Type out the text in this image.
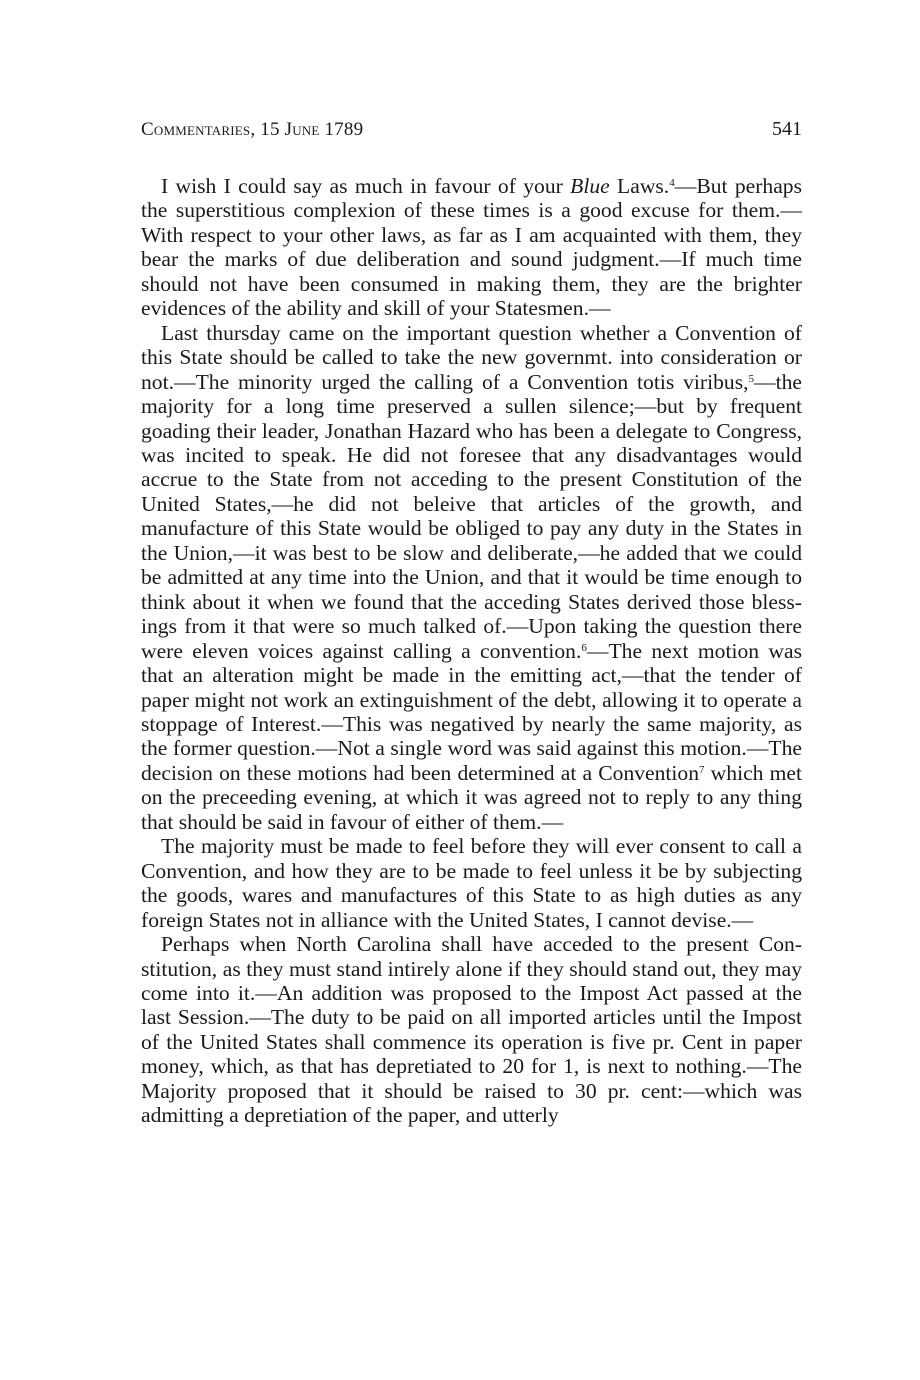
Commentaries, 15 June 1789	541

I wish I could say as much in favour of your Blue Laws.$^4$—But perhaps the superstitious complexion of these times is a good excuse for them.— With respect to your other laws, as far as I am acquainted with them, they bear the marks of due deliberation and sound judgment.—If much time should not have been consumed in making them, they are the brighter evidences of the ability and skill of your Statesmen.—

Last thursday came on the important question whether a Convention of this State should be called to take the new governmt. into consideration or not.—The minority urged the calling of a Convention totis viribus,$^5$—the majority for a long time preserved a sullen silence;—but by frequent goading their leader, Jonathan Hazard who has been a delegate to Congress, was incited to speak. He did not foresee that any disadvantages would accrue to the State from not acceding to the present Constitution of the United States,—he did not beleive that articles of the growth, and manufacture of this State would be obliged to pay any duty in the States in the Union,—it was best to be slow and deliberate,—he added that we could be admitted at any time into the Union, and that it would be time enough to think about it when we found that the acceding States derived those blessings from it that were so much talked of.—Upon taking the question there were eleven voices against calling a convention.$^6$—The next motion was that an alteration might be made in the emitting act,—that the tender of paper might not work an extinguishment of the debt, allowing it to operate a stoppage of Interest.—This was negatived by nearly the same majority, as the former question.—Not a single word was said against this motion.—The decision on these motions had been determined at a Convention$^7$ which met on the preceeding evening, at which it was agreed not to reply to any thing that should be said in favour of either of them.—

The majority must be made to feel before they will ever consent to call a Convention, and how they are to be made to feel unless it be by subjecting the goods, wares and manufactures of this State to as high duties as any foreign States not in alliance with the United States, I cannot devise.—

Perhaps when North Carolina shall have acceded to the present Constitution, as they must stand intirely alone if they should stand out, they may come into it.—An addition was proposed to the Impost Act passed at the last Session.—The duty to be paid on all imported articles until the Impost of the United States shall commence its operation is five pr. Cent in paper money, which, as that has depretiated to 20 for 1, is next to nothing.—The Majority proposed that it should be raised to 30 pr. cent:—which was admitting a depretiation of the paper, and utterly
